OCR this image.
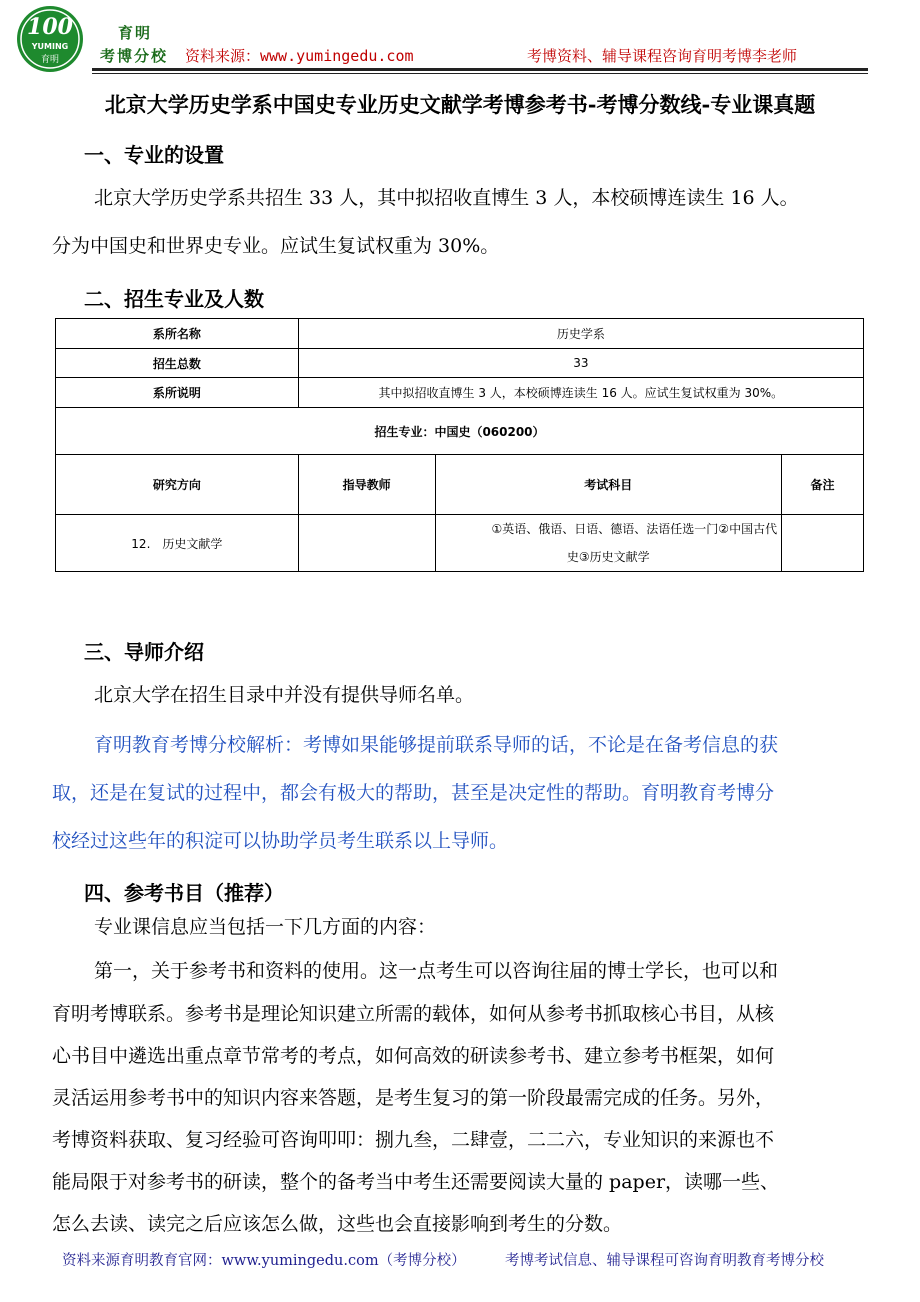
100
YUMING
育明
育明
考博分校 资料来源：www.yumingedu.com	考博资料、辅导课程咨询育明考博李老师
北京大学历史学系中国史专业历史文献学考博参考书-考博分数线-专业课真题
一、专业的设置
北京大学历史学系共招生 33 人，其中拟招收直博生 3 人，本校硕博连读生 16 人。
分为中国史和世界史专业。应试生复试权重为 30%。
二、招生专业及人数
系所名称	历史学系		
招生总数	33		
系所说明	其中拟招收直博生 3 人，本校硕博连读生 16 人。应试生复试权重为 30%。		
招生专业：中国史（060200）			
研究方向	指导教师	考试科目	备注
12.　历史文献学		①英语、俄语、日语、德语、法语任选一门②中国古代
史③历史文献学	

三、导师介绍
北京大学在招生目录中并没有提供导师名单。
育明教育考博分校解析：考博如果能够提前联系导师的话，不论是在备考信息的获
取，还是在复试的过程中，都会有极大的帮助，甚至是决定性的帮助。育明教育考博分
校经过这些年的积淀可以协助学员考生联系以上导师。
四、参考书目（推荐）
专业课信息应当包括一下几方面的内容：
第一，关于参考书和资料的使用。这一点考生可以咨询往届的博士学长，也可以和
育明考博联系。参考书是理论知识建立所需的载体，如何从参考书抓取核心书目，从核
心书目中遴选出重点章节常考的考点，如何高效的研读参考书、建立参考书框架，如何
灵活运用参考书中的知识内容来答题，是考生复习的第一阶段最需完成的任务。另外，
考博资料获取、复习经验可咨询叩叩：捌九叁，二肆壹，二二六，专业知识的来源也不
能局限于对参考书的研读，整个的备考当中考生还需要阅读大量的 paper，读哪一些、
怎么去读、读完之后应该怎么做，这些也会直接影响到考生的分数。
资料来源育明教育官网：www.yumingedu.com（考博分校）	考博考试信息、辅导课程可咨询育明教育考博分校
